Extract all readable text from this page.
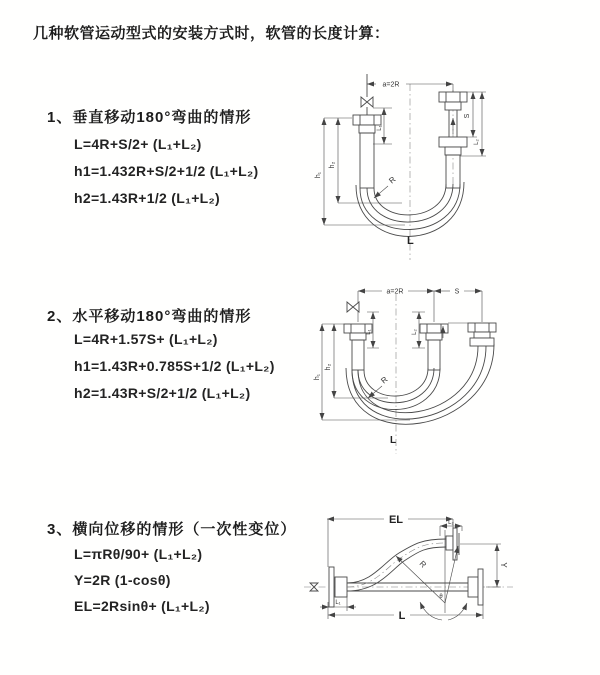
几种软管运动型式的安装方式时，软管的长度计算：
1、垂直移动180°弯曲的情形
L=4R+S/2+ (L₁+L₂)
h1=1.432R+S/2+1/2 (L₁+L₂)
h2=1.43R+1/2 (L₁+L₂)
2、水平移动180°弯曲的情形
L=4R+1.57S+ (L₁+L₂)
h1=1.43R+0.785S+1/2 (L₁+L₂)
h2=1.43R+S/2+1/2 (L₁+L₂)
3、横向位移的情形（一次性变位）
L=πRθ/90+ (L₁+L₂)
Y=2R (1-cosθ)
EL=2Rsinθ+ (L₁+L₂)
a=2R
h₁
h₂
L₁
S
L₂
R
L
a=2R	S
L₁	L₂
h₁
h₂
R
L
EL	L₂
Y
R
θ
L₁
L
